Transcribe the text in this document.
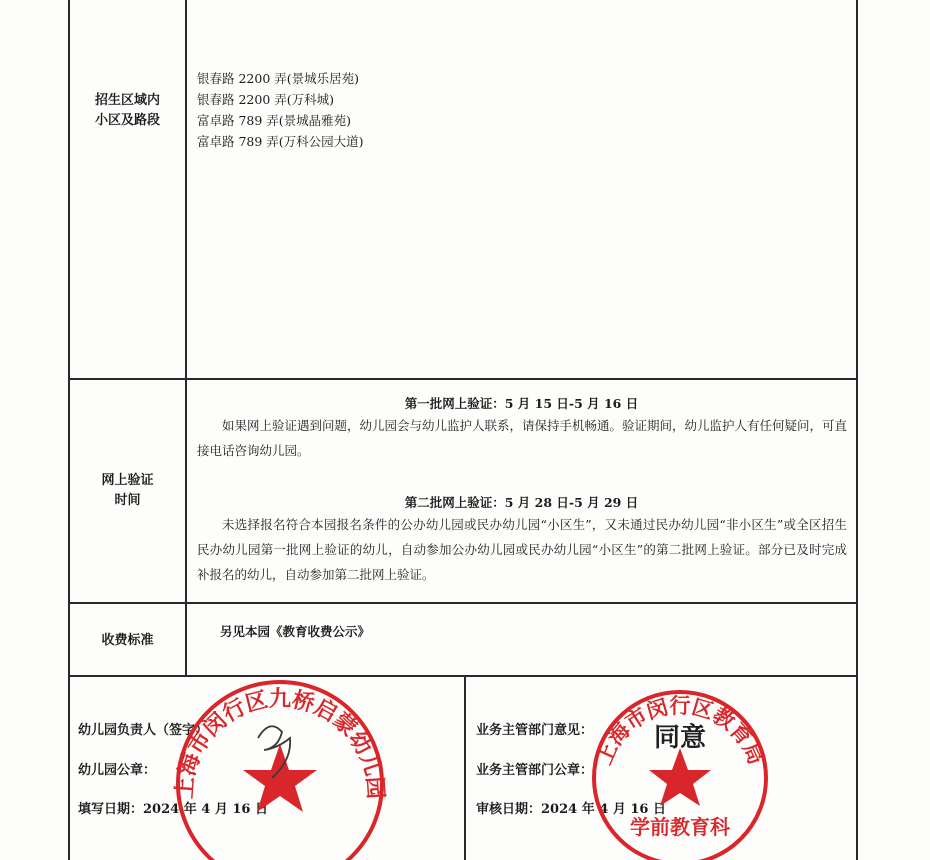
招生区域内
小区及路段
银春路 2200 弄(景城乐居苑)
银春路 2200 弄(万科城)
富卓路 789 弄(景城晶雅苑)
富卓路 789 弄(万科公园大道)
网上验证
时间
第一批网上验证：5 月 15 日-5 月 16 日
如果网上验证遇到问题，幼儿园会与幼儿监护人联系，请保持手机畅通。验证期间，幼儿监护人有任何疑问，可直接电话咨询幼儿园。
第二批网上验证：5 月 28 日-5 月 29 日
未选择报名符合本园报名条件的公办幼儿园或民办幼儿园“小区生”，又未通过民办幼儿园“非小区生”或全区招生民办幼儿园第一批网上验证的幼儿，自动参加公办幼儿园或民办幼儿园“小区生”的第二批网上验证。部分已及时完成补报名的幼儿，自动参加第二批网上验证。
收费标准
另见本园《教育收费公示》
幼儿园负责人（签字）
幼儿园公章：
填写日期：2024 年 4 月 16 日
业务主管部门意见：
业务主管部门公章：
审核日期：2024 年 4 月 16 日
上海市闵行区九桥启蒙幼儿园
上海市闵行区教育局
学前教育科
同意
